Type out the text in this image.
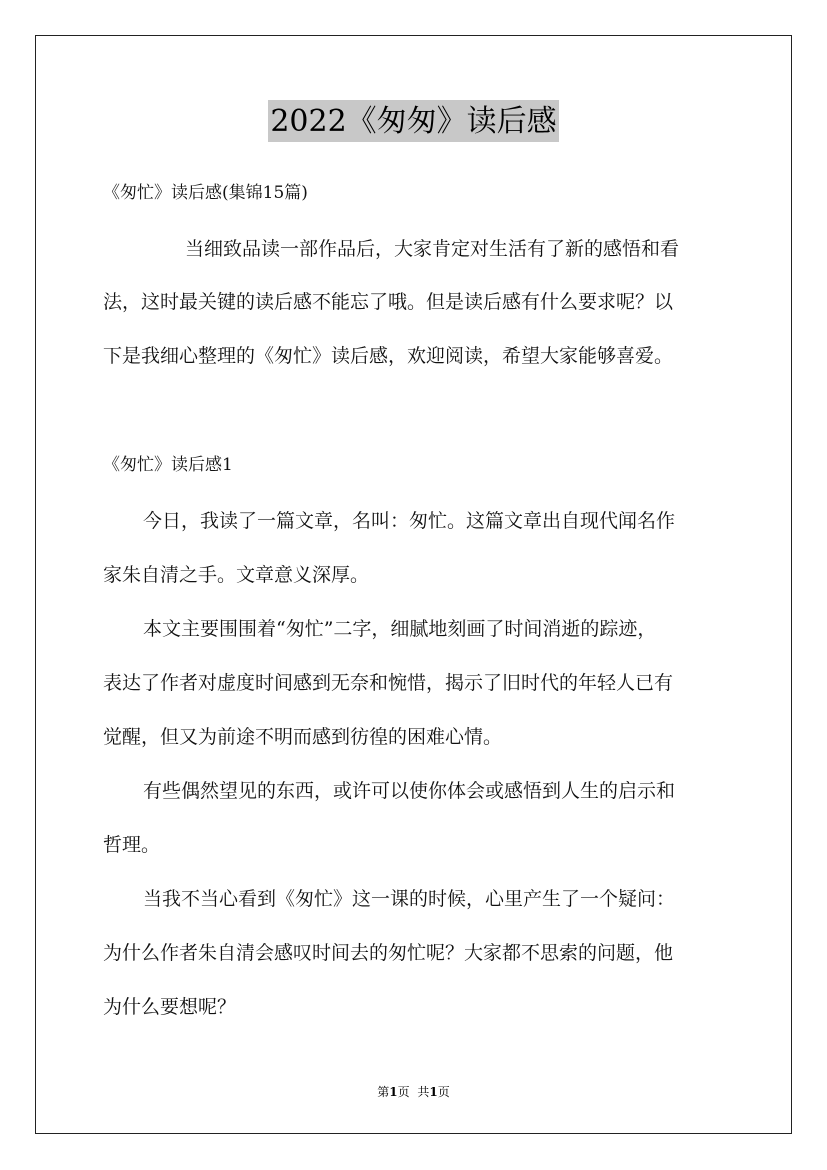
2022《匆匆》读后感
《匆忙》读后感(集锦15篇)
当细致品读一部作品后，大家肯定对生活有了新的感悟和看
法，这时最关键的读后感不能忘了哦。但是读后感有什么要求呢？以
下是我细心整理的《匆忙》读后感，欢迎阅读，希望大家能够喜爱。
《匆忙》读后感1
今日，我读了一篇文章，名叫：匆忙。这篇文章出自现代闻名作
家朱自清之手。文章意义深厚。
本文主要围围着“匆忙”二字，细腻地刻画了时间消逝的踪迹，
表达了作者对虚度时间感到无奈和惋惜，揭示了旧时代的年轻人已有
觉醒，但又为前途不明而感到彷徨的困难心情。
有些偶然望见的东西，或许可以使你体会或感悟到人生的启示和
哲理。
当我不当心看到《匆忙》这一课的时候，心里产生了一个疑问：
为什么作者朱自清会感叹时间去的匆忙呢？大家都不思索的问题，他
为什么要想呢？
第1页 共1页
